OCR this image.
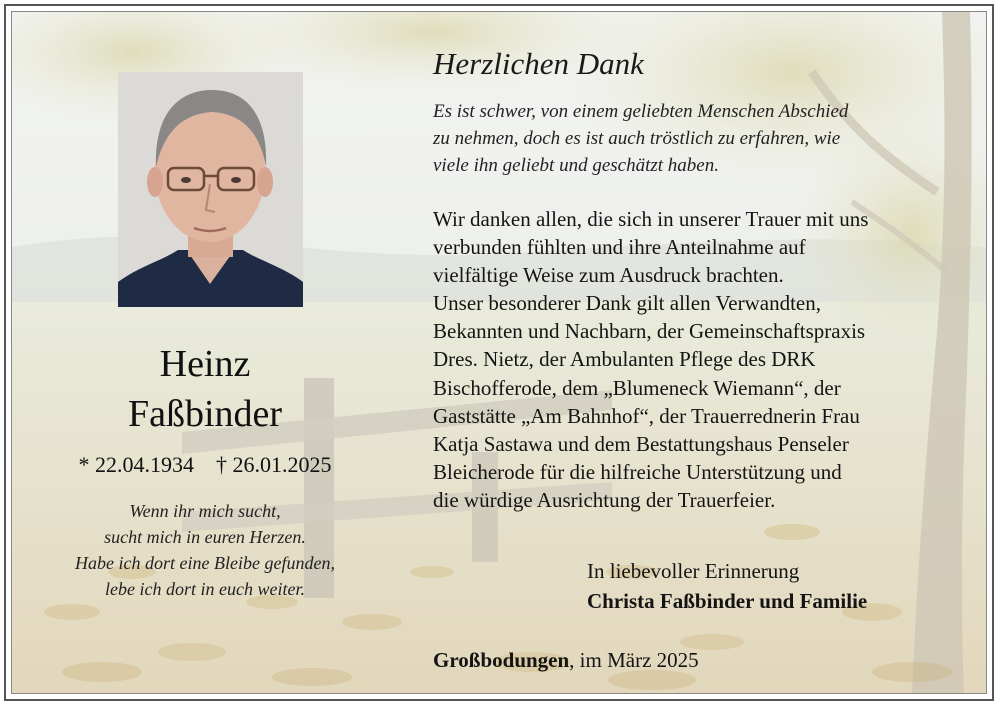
Heinz
Faßbinder
* 22.04.1934 † 26.01.2025
Wenn ihr mich sucht,
sucht mich in euren Herzen.
Habe ich dort eine Bleibe gefunden,
lebe ich dort in euch weiter.
Herzlichen Dank
Es ist schwer, von einem geliebten Menschen Abschied
zu nehmen, doch es ist auch tröstlich zu erfahren, wie
viele ihn geliebt und geschätzt haben.
Wir danken allen, die sich in unserer Trauer mit uns
verbunden fühlten und ihre Anteilnahme auf
vielfältige Weise zum Ausdruck brachten.
Unser besonderer Dank gilt allen Verwandten,
Bekannten und Nachbarn, der Gemeinschaftspraxis
Dres. Nietz, der Ambulanten Pflege des DRK
Bischofferode, dem „Blumeneck Wiemann“, der
Gaststätte „Am Bahnhof“, der Trauerrednerin Frau
Katja Sastawa und dem Bestattungshaus Penseler
Bleicherode für die hilfreiche Unterstützung und
die würdige Ausrichtung der Trauerfeier.
In liebevoller Erinnerung
Christa Faßbinder und Familie
Großbodungen, im März 2025
